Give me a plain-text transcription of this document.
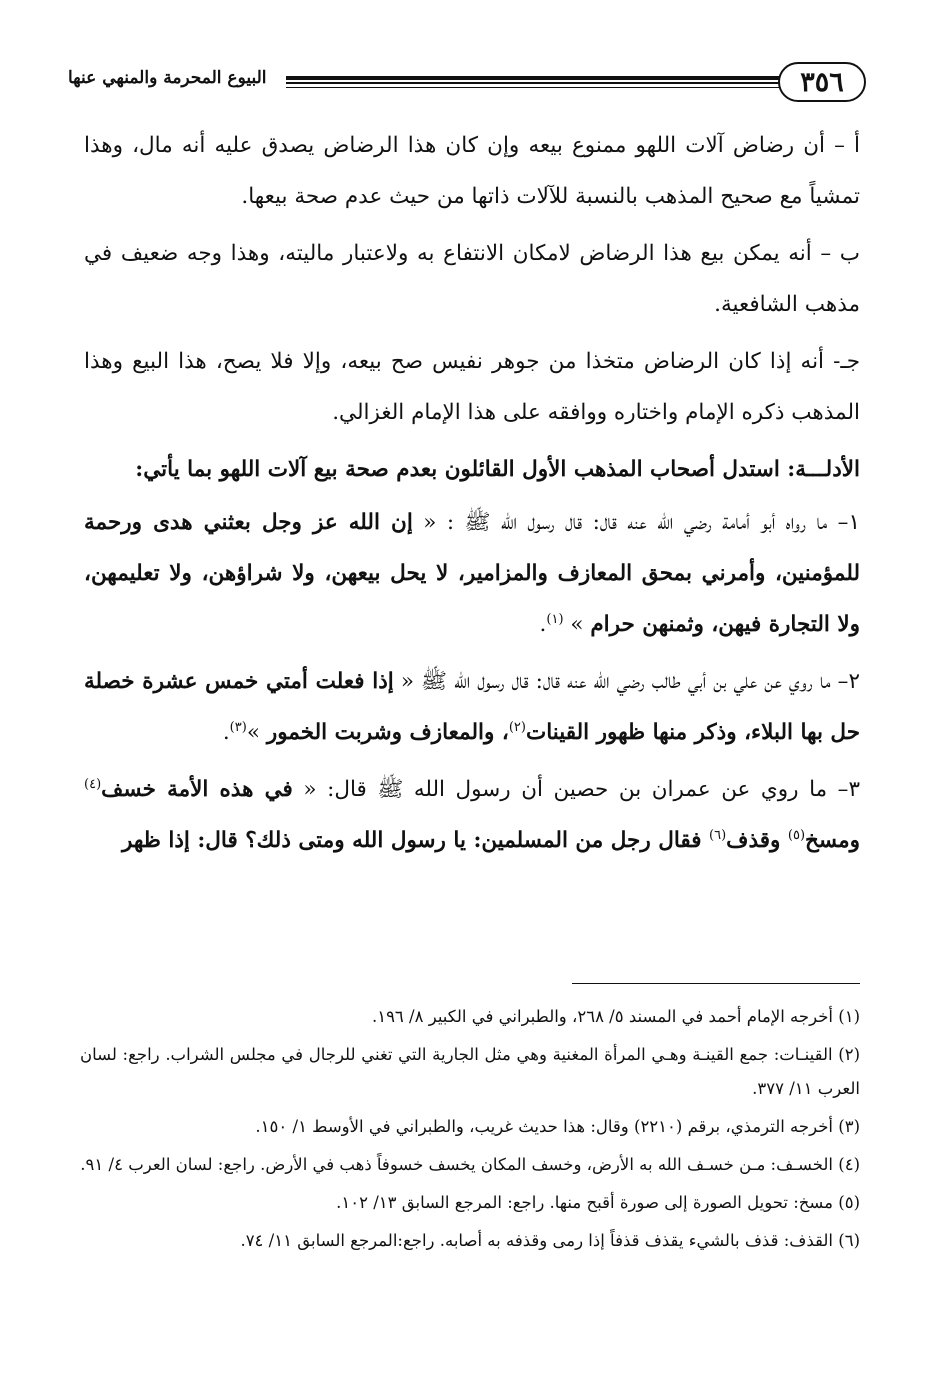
٣٥٦
البيوع المحرمة والمنهي عنها

أ – أن رضاض آلات اللهو ممنوع بيعه وإن كان هذا الرضاض يصدق عليه أنه مال، وهذا تمشياً مع صحيح المذهب بالنسبة للآلات ذاتها من حيث عدم صحة بيعها.

ب – أنه يمكن بيع هذا الرضاض لامكان الانتفاع به ولاعتبار ماليته، وهذا وجه ضعيف في مذهب الشافعية.

جـ- أنه إذا كان الرضاض متخذا من جوهر نفيس صح بيعه، وإلا فلا يصح، هذا البيع وهذا المذهب ذكره الإمام واختاره ووافقه على هذا الإمام الغزالي.

الأدلـــة: استدل أصحاب المذهب الأول القائلون بعدم صحة بيع آلات اللهو بما يأتي:

١– ما رواه أبو أمامة رضي الله عنه قال: قال رسول الله ﷺ : « إن الله عز وجل بعثني هدى ورحمة للمؤمنين، وأمرني بمحق المعازف والمزامير، لا يحل بيعهن، ولا شراؤهن، ولا تعليمهن، ولا التجارة فيهن، وثمنهن حرام » $^{(١)}$.

٢– ما روي عن علي بن أبي طالب رضي الله عنه قال: قال رسول الله ﷺ « إذا فعلت أمتي خمس عشرة خصلة حل بها البلاء، وذكر منها ظهور القينات$^{(٢)}$، والمعازف وشربت الخمور »$^{(٣)}$.

٣– ما روي عن عمران بن حصين أن رسول الله ﷺ قال: « في هذه الأمة خسف$^{(٤)}$ ومسخ$^{(٥)}$ وقذف$^{(٦)}$ فقال رجل من المسلمين: يا رسول الله ومتى ذلك؟ قال: إذا ظهر

(١) أخرجه الإمام أحمد في المسند ٥/ ٢٦٨، والطبراني في الكبير ٨/ ١٩٦.

(٢) القينـات: جمع القينـة وهـي المرأة المغنية وهي مثل الجارية التي تغني للرجال في مجلس الشراب. راجع: لسان العرب ١١/ ٣٧٧.

(٣) أخرجه الترمذي، برقم (٢٢١٠) وقال: هذا حديث غريب، والطبراني في الأوسط ١/ ١٥٠.

(٤) الخسـف: مـن خسـف الله به الأرض، وخسف المكان يخسف خسوفاً ذهب في الأرض. راجع: لسان العرب ٤/ ٩١.

(٥) مسخ: تحويل الصورة إلى صورة أقبح منها. راجع: المرجع السابق ١٣/ ١٠٢.

(٦) القذف: قذف بالشيء يقذف قذفاً إذا رمى وقذفه به أصابه. راجع:المرجع السابق ١١/ ٧٤.
